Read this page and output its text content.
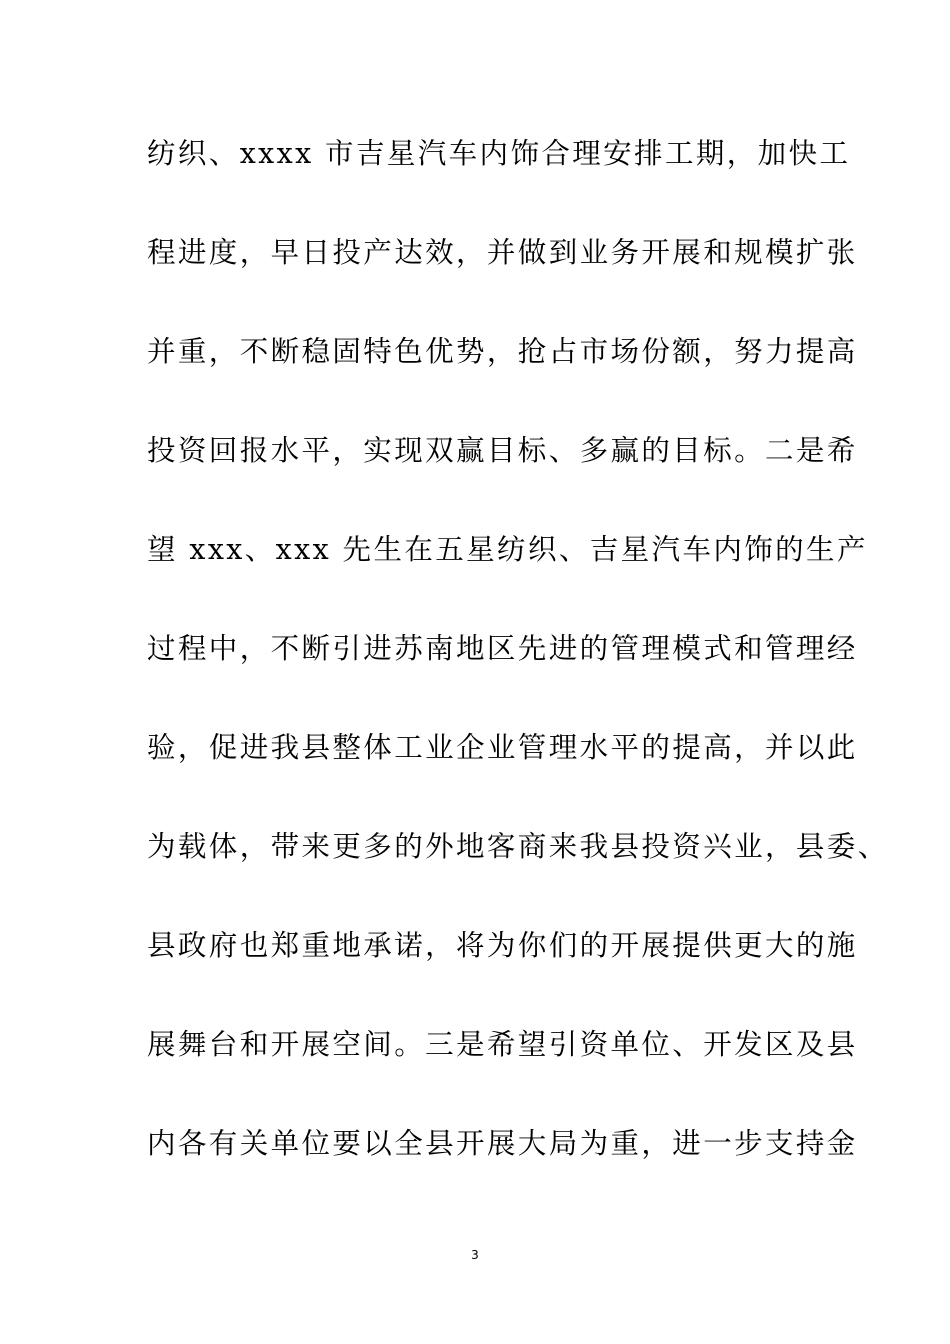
纺织、xxxx 市吉星汽车内饰合理安排工期，加快工
程进度，早日投产达效，并做到业务开展和规模扩张
并重，不断稳固特色优势，抢占市场份额，努力提高
投资回报水平，实现双赢目标、多赢的目标。二是希
望 xxx、xxx 先生在五星纺织、吉星汽车内饰的生产
过程中，不断引进苏南地区先进的管理模式和管理经
验，促进我县整体工业企业管理水平的提高，并以此
为载体，带来更多的外地客商来我县投资兴业，县委、
县政府也郑重地承诺，将为你们的开展提供更大的施
展舞台和开展空间。三是希望引资单位、开发区及县
内各有关单位要以全县开展大局为重，进一步支持金
3
